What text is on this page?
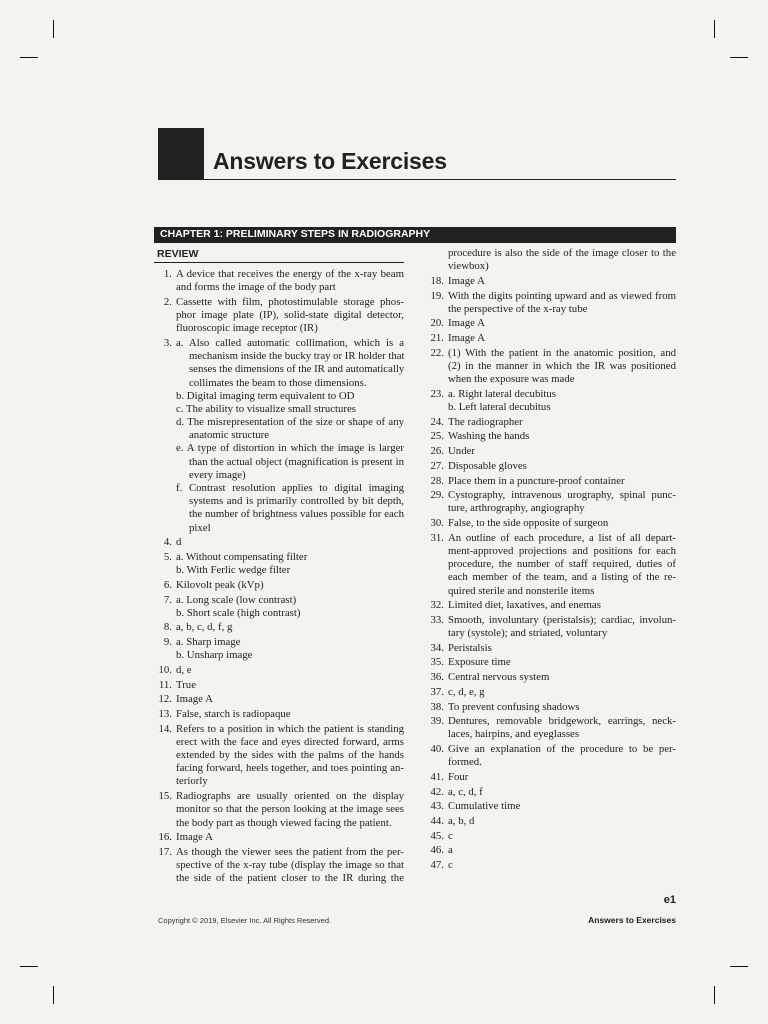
Answers to Exercises
CHAPTER 1: PRELIMINARY STEPS IN RADIOGRAPHY
REVIEW
1. A device that receives the energy of the x-ray beam
and forms the image of the body part
2. Cassette with film, photostimulable storage phos-
phor image plate (IP), solid-state digital detector,
fluoroscopic image receptor (IR)
3. a. Also called automatic collimation, which is a
mechanism inside the bucky tray or IR holder that
senses the dimensions of the IR and automatically
collimates the beam to those dimensions.
b. Digital imaging term equivalent to OD
c. The ability to visualize small structures
d. The misrepresentation of the size or shape of any
anatomic structure
e. A type of distortion in which the image is larger
than the actual object (magnification is present in
every image)
f. Contrast resolution applies to digital imaging
systems and is primarily controlled by bit depth,
the number of brightness values possible for each
pixel
4. d
5. a. Without compensating filter
b. With Ferlic wedge filter
6. Kilovolt peak (kVp)
7. a. Long scale (low contrast)
b. Short scale (high contrast)
8. a, b, c, d, f, g
9. a. Sharp image
b. Unsharp image
10. d, e
11. True
12. Image A
13. False, starch is radiopaque
14. Refers to a position in which the patient is standing
erect with the face and eyes directed forward, arms
extended by the sides with the palms of the hands
facing forward, heels together, and toes pointing an-
teriorly
15. Radiographs are usually oriented on the display
monitor so that the person looking at the image sees
the body part as though viewed facing the patient.
16. Image A
17. As though the viewer sees the patient from the per-
spective of the x-ray tube (display the image so that
the side of the patient closer to the IR during the
procedure is also the side of the image closer to the
viewbox)
18. Image A
19. With the digits pointing upward and as viewed from
the perspective of the x-ray tube
20. Image A
21. Image A
22. (1) With the patient in the anatomic position, and
(2) in the manner in which the IR was positioned
when the exposure was made
23. a. Right lateral decubitus
b. Left lateral decubitus
24. The radiographer
25. Washing the hands
26. Under
27. Disposable gloves
28. Place them in a puncture-proof container
29. Cystography, intravenous urography, spinal punc-
ture, arthrography, angiography
30. False, to the side opposite of surgeon
31. An outline of each procedure, a list of all depart-
ment-approved projections and positions for each
procedure, the number of staff required, duties of
each member of the team, and a listing of the re-
quired sterile and nonsterile items
32. Limited diet, laxatives, and enemas
33. Smooth, involuntary (peristalsis); cardiac, involun-
tary (systole); and striated, voluntary
34. Peristalsis
35. Exposure time
36. Central nervous system
37. c, d, e, g
38. To prevent confusing shadows
39. Dentures, removable bridgework, earrings, neck-
laces, hairpins, and eyeglasses
40. Give an explanation of the procedure to be per-
formed.
41. Four
42. a, c, d, f
43. Cumulative time
44. a, b, d
45. c
46. a
47. c
e1
Copyright © 2019, Elsevier Inc. All Rights Reserved.	Answers to Exercises
